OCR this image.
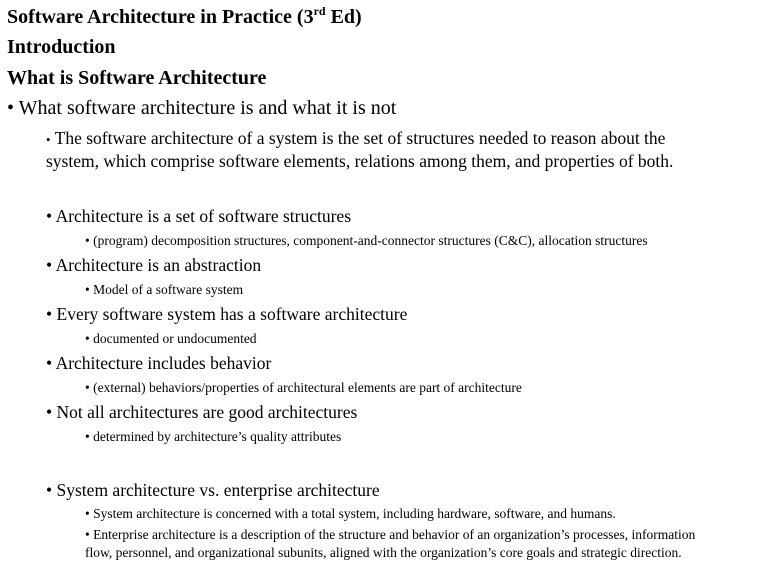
Software Architecture in Practice (3rd Ed)
Introduction
What is Software Architecture
• What software architecture is and what it is not
• The software architecture of a system is the set of structures needed to reason about the
system, which comprise software elements, relations among them, and properties of both.
• Architecture is a set of software structures
• (program) decomposition structures, component-and-connector structures (C&C), allocation structures
• Architecture is an abstraction
• Model of a software system
• Every software system has a software architecture
• documented or undocumented
• Architecture includes behavior
• (external) behaviors/properties of architectural elements are part of architecture
• Not all architectures are good architectures
• determined by architecture’s quality attributes
• System architecture vs. enterprise architecture
• System architecture is concerned with a total system, including hardware, software, and humans.
• Enterprise architecture is a description of the structure and behavior of an organization’s processes, information
flow, personnel, and organizational subunits, aligned with the organization’s core goals and strategic direction.
